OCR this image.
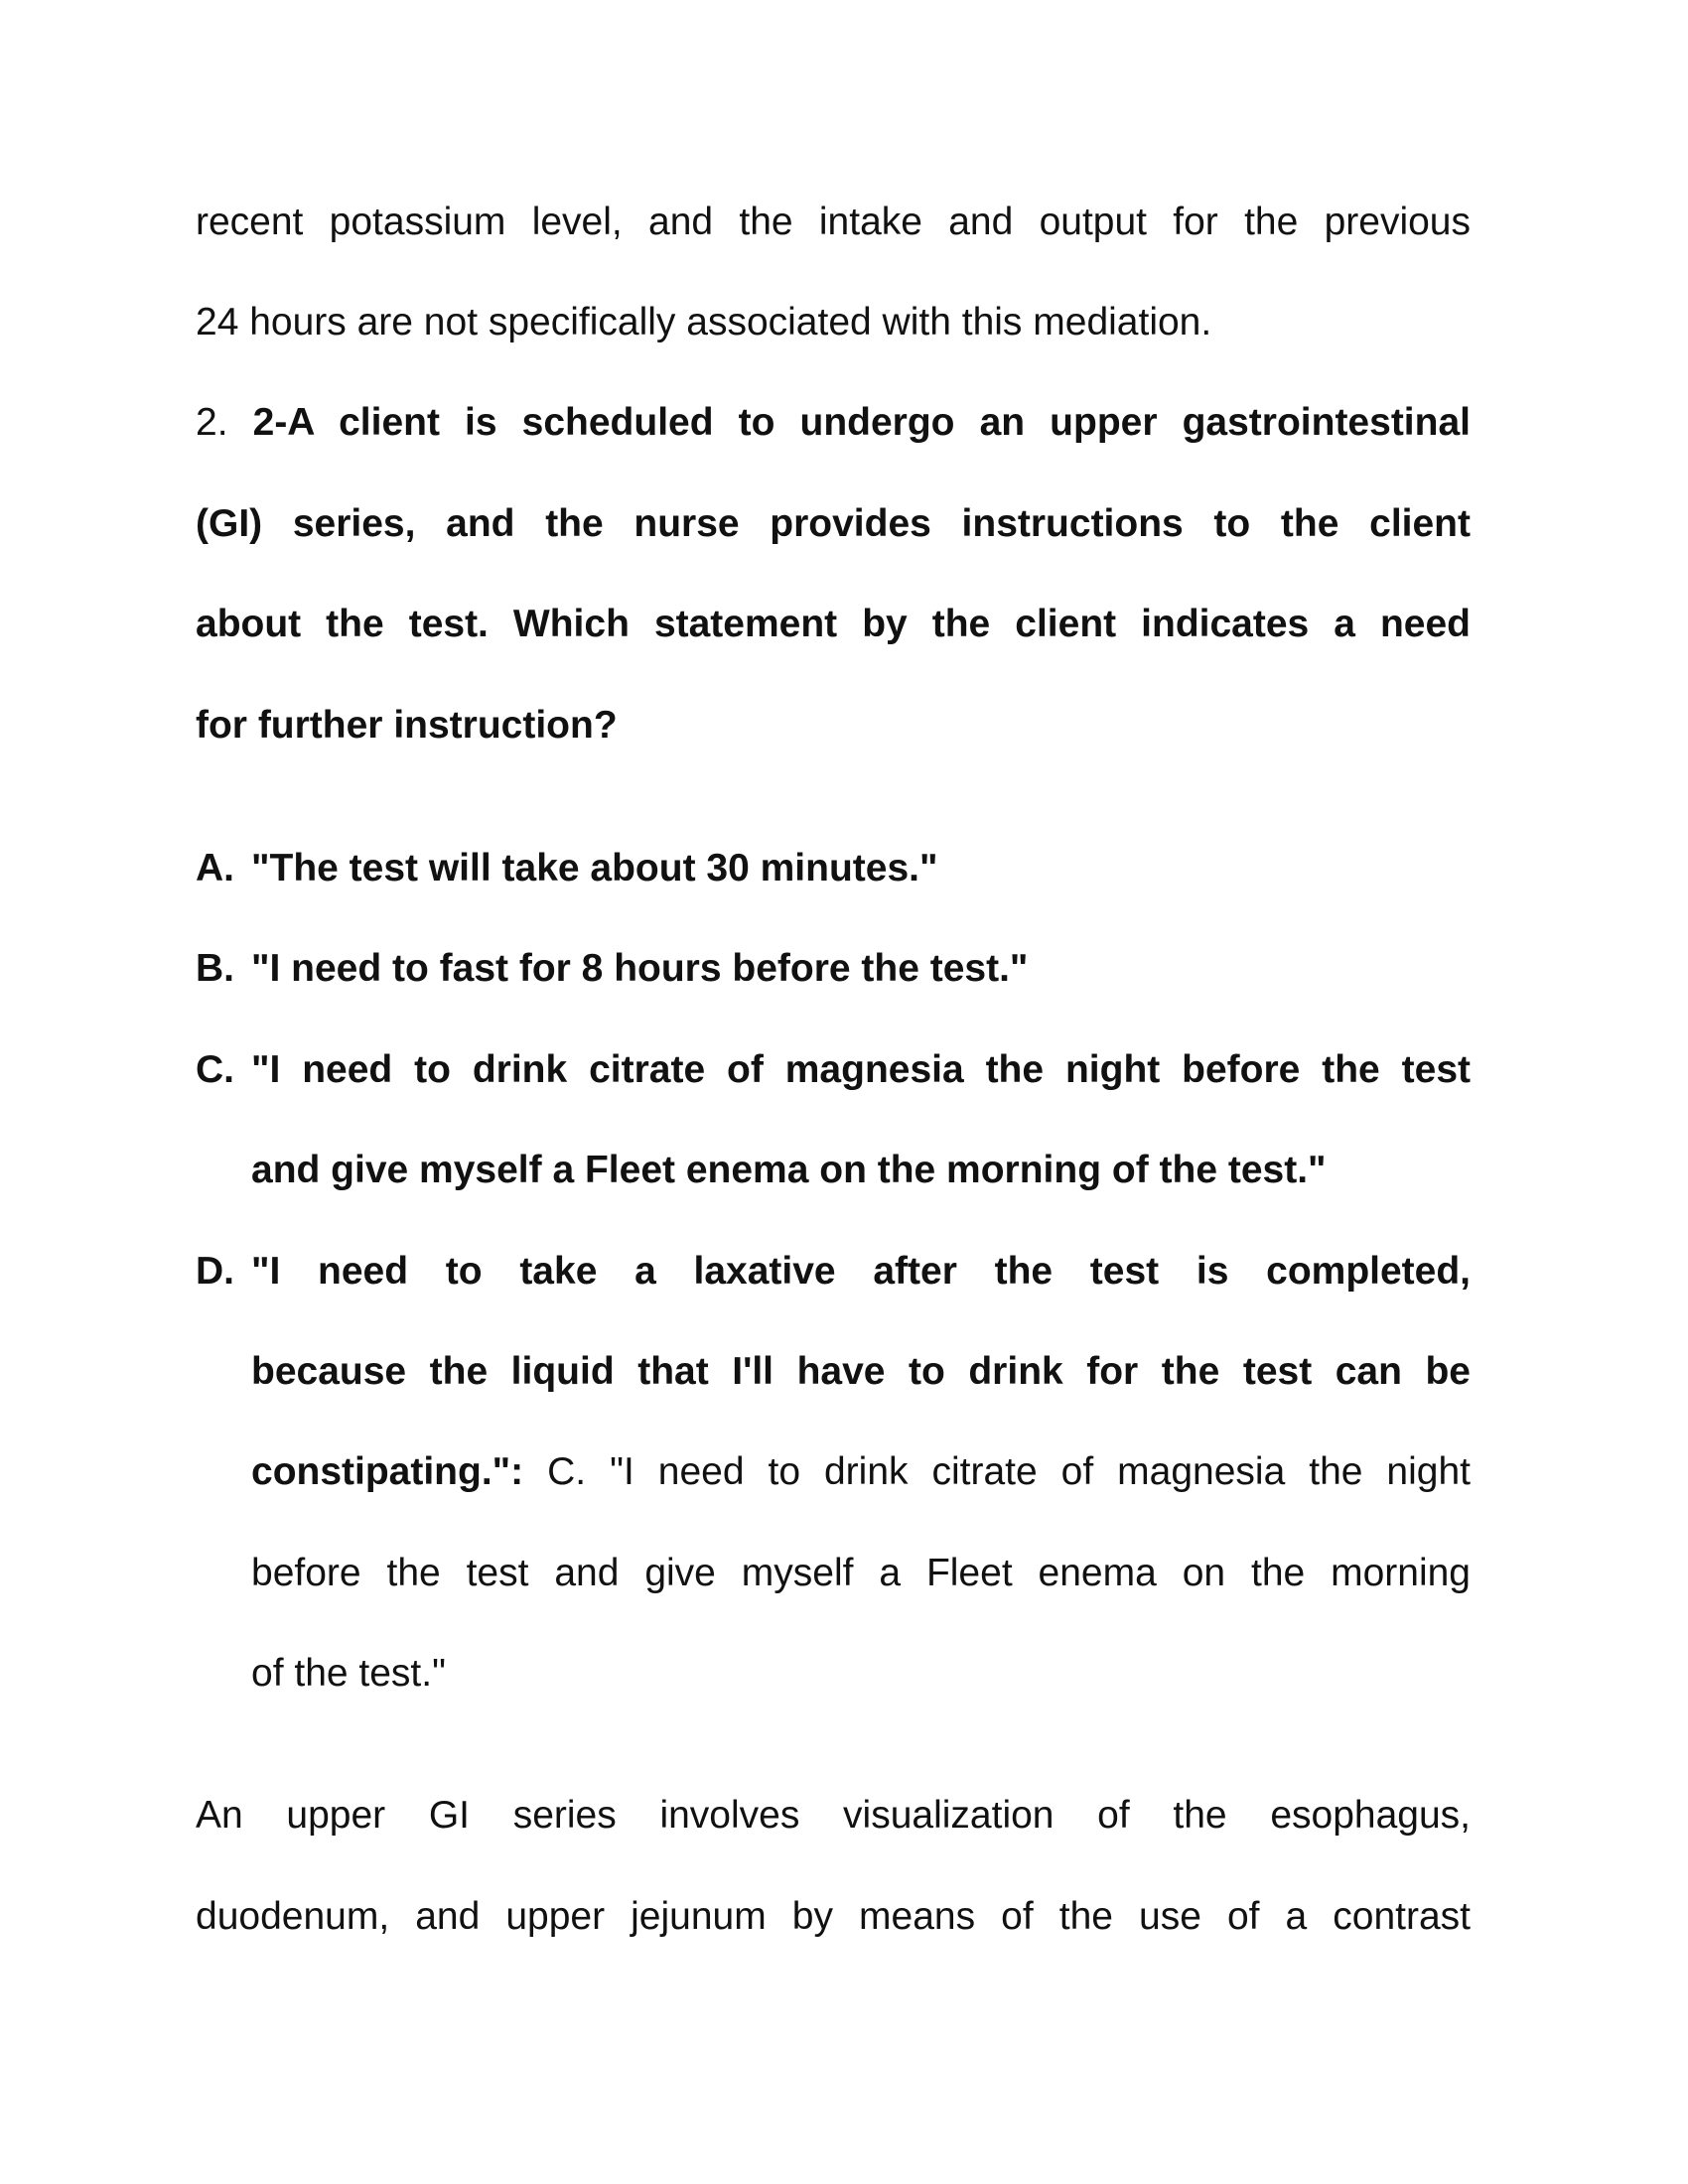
recent potassium level, and the intake and output for the previous
24 hours are not specifically associated with this mediation.
2. 2-A client is scheduled to undergo an upper gastrointestinal
(GI) series, and the nurse provides instructions to the client
about the test. Which statement by the client indicates a need
for further instruction?
A. "The test will take about 30 minutes."
B. "I need to fast for 8 hours before the test."
C. "I need to drink citrate of magnesia the night before the test
and give myself a Fleet enema on the morning of the test."
D. "I need to take a laxative after the test is completed,
because the liquid that I'll have to drink for the test can be
constipating.": C. "I need to drink citrate of magnesia the night
before the test and give myself a Fleet enema on the morning
of the test."
An upper GI series involves visualization of the esophagus,
duodenum, and upper jejunum by means of the use of a contrast
